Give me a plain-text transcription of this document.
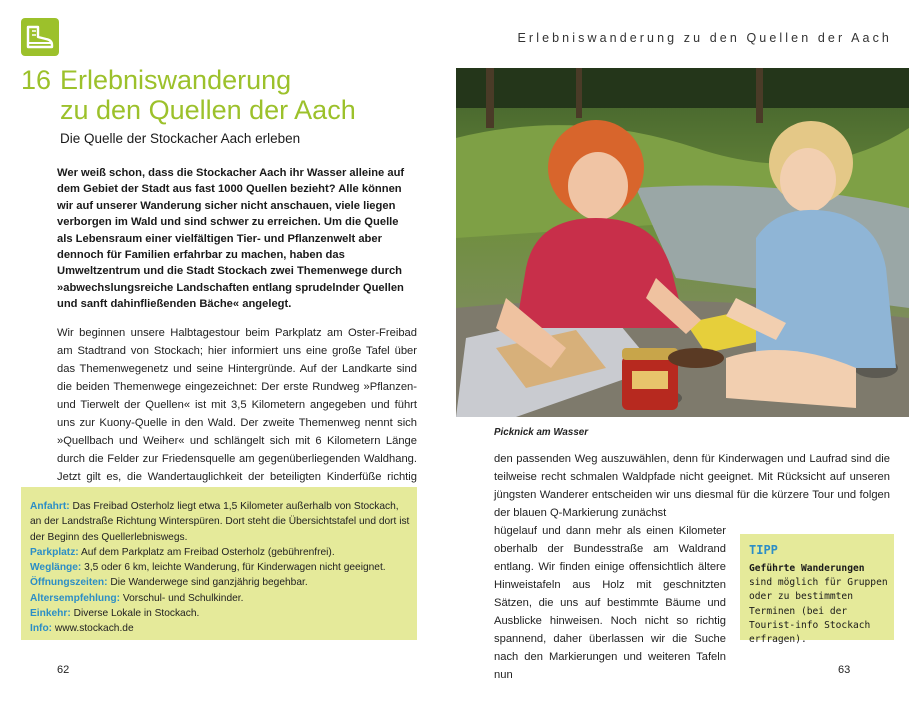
Erlebniswanderung zu den Quellen der Aach
16 Erlebniswanderung
zu den Quellen der Aach
Die Quelle der Stockacher Aach erleben
Wer weiß schon, dass die Stockacher Aach ihr Wasser alleine auf dem Gebiet der Stadt aus fast 1000 Quellen bezieht? Alle können wir auf unserer Wanderung sicher nicht anschauen, viele liegen verborgen im Wald und sind schwer zu erreichen. Um die Quelle als Lebensraum einer vielfältigen Tier- und Pflanzenwelt aber dennoch für Familien erfahrbar zu machen, haben das Umweltzentrum und die Stadt Stockach zwei Themenwege durch »abwechslungsreiche Landschaften entlang sprudelnder Quellen und sanft dahinfließenden Bäche« angelegt.
Wir beginnen unsere Halbtagestour beim Parkplatz am Oster-Freibad am Stadtrand von Stockach; hier informiert uns eine große Tafel über das Themenwegenetz und seine Hintergründe. Auf der Landkarte sind die beiden Themenwege eingezeichnet: Der erste Rundweg »Pflanzen- und Tierwelt der Quellen« ist mit 3,5 Kilometern angegeben und führt uns zur Kuony-Quelle in den Wald. Der zweite Themenweg nennt sich »Quellbach und Weiher« und schlängelt sich mit 6 Kilometern Länge durch die Felder zur Friedensquelle am gegenüberliegenden Waldhang. Jetzt gilt es, die Wandertauglichkeit der beteiligten Kinderfüße richtig
Anfahrt: Das Freibad Osterholz liegt etwa 1,5 Kilometer außerhalb von Stockach, an der Landstraße Richtung Winterspüren. Dort steht die Übersichtstafel und dort ist der Beginn des Quellerlebniswegs.
Parkplatz: Auf dem Parkplatz am Freibad Osterholz (gebührenfrei).
Weglänge: 3,5 oder 6 km, leichte Wanderung, für Kinderwagen nicht geeignet.
Öffnungszeiten: Die Wanderwege sind ganzjährig begehbar.
Altersempfehlung: Vorschul- und Schulkinder.
Einkehr: Diverse Lokale in Stockach.
Info: www.stockach.de
62
Picknick am Wasser
den passenden Weg auszuwählen, denn für Kinderwagen und Laufrad sind die teilweise recht schmalen Waldpfade nicht geeignet. Mit Rücksicht auf unseren jüngsten Wanderer entscheiden wir uns diesmal für die kürzere Tour und folgen der blauen Q-Markierung zunächst
hügelauf und dann mehr als einen Kilometer oberhalb der Bundesstraße am Waldrand entlang. Wir finden einige offensichtlich ältere Hinweistafeln aus Holz mit geschnitzten Sätzen, die uns auf bestimmte Bäume und Ausblicke hinweisen. Noch nicht so richtig spannend, daher überlassen wir die Suche nach den Markierungen und weiteren Tafeln nun
TIPP
Geführte Wanderungen
sind möglich für Gruppen oder zu bestimmten Terminen (bei der Tourist-info Stockach erfragen).
63
